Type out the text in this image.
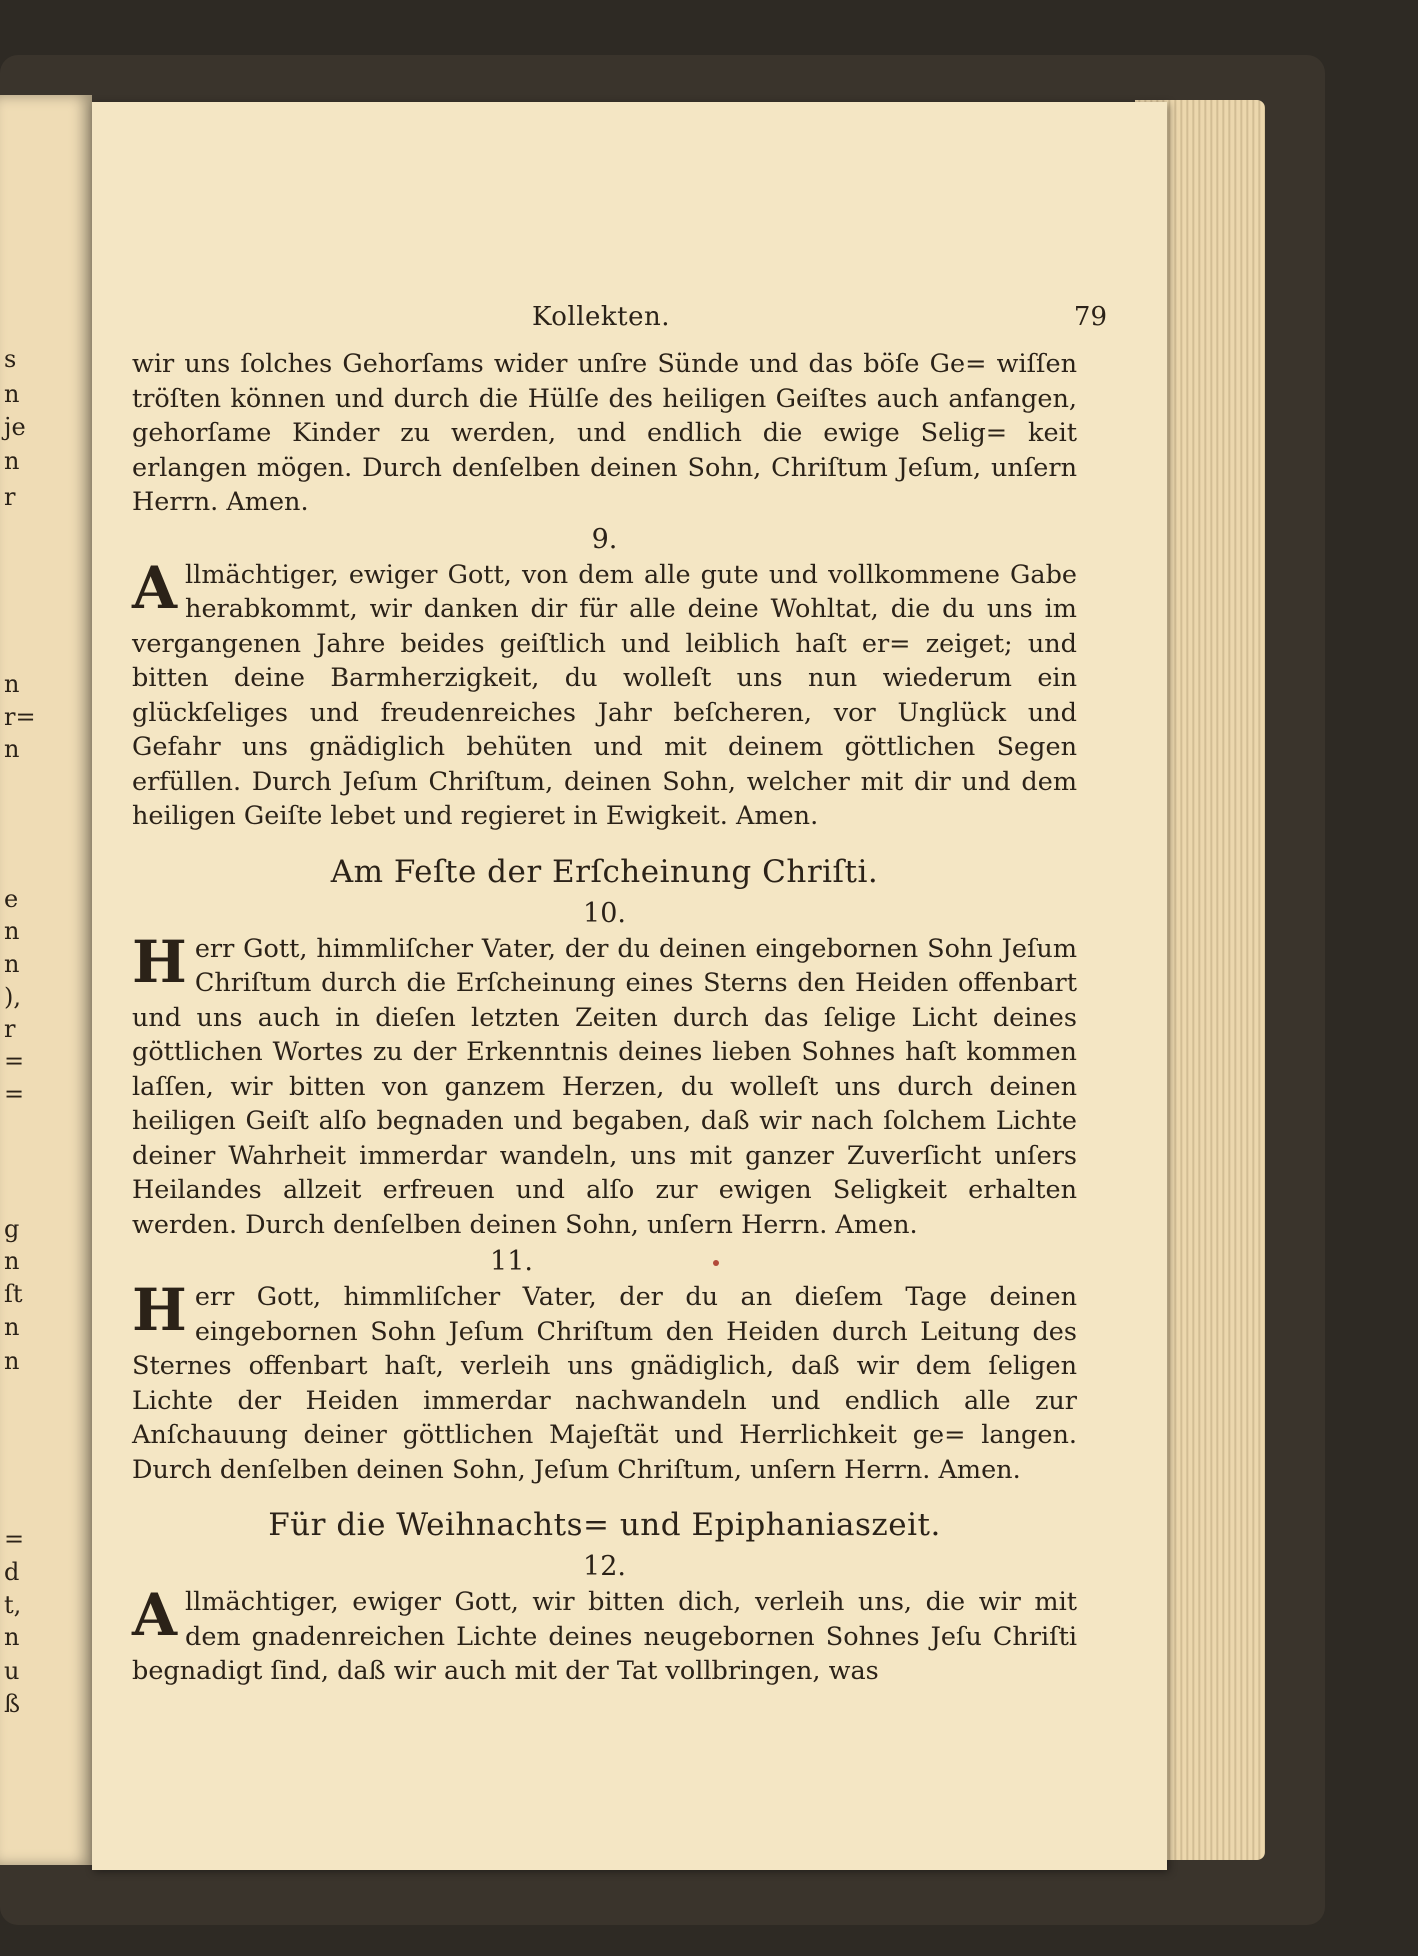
s
n
je
n
r
n
r=
n
e
n
n
),
r
=
=
g
n
ſt
n
n
=
d
t,
n
u
ß
Kollekten.	79

wir uns ſolches Gehorſams wider unſre Sünde und das böſe Ge= wiſſen tröſten können und durch die Hülſe des heiligen Geiſtes auch anfangen, gehorſame Kinder zu werden, und endlich die ewige Selig= keit erlangen mögen. Durch denſelben deinen Sohn, Chriſtum Jeſum, unſern Herrn. Amen.

9.

Allmächtiger, ewiger Gott, von dem alle gute und vollkommene Gabe herabkommt, wir danken dir für alle deine Wohltat, die du uns im vergangenen Jahre beides geiſtlich und leiblich haſt er= zeiget; und bitten deine Barmherzigkeit, du wolleſt uns nun wiederum ein glückſeliges und freudenreiches Jahr beſcheren, vor Unglück und Gefahr uns gnädiglich behüten und mit deinem göttlichen Segen erfüllen. Durch Jeſum Chriſtum, deinen Sohn, welcher mit dir und dem heiligen Geiſte lebet und regieret in Ewigkeit. Amen.

Am Feſte der Erſcheinung Chriſti.
10.

Herr Gott, himmliſcher Vater, der du deinen eingebornen Sohn Jeſum Chriſtum durch die Erſcheinung eines Sterns den Heiden offenbart und uns auch in dieſen letzten Zeiten durch das ſelige Licht deines göttlichen Wortes zu der Erkenntnis deines lieben Sohnes haſt kommen laſſen, wir bitten von ganzem Herzen, du wolleſt uns durch deinen heiligen Geiſt alſo begnaden und begaben, daß wir nach ſolchem Lichte deiner Wahrheit immerdar wandeln, uns mit ganzer Zuverſicht unſers Heilandes allzeit erfreuen und alſo zur ewigen Seligkeit erhalten werden. Durch denſelben deinen Sohn, unſern Herrn. Amen.

11.

Herr Gott, himmliſcher Vater, der du an dieſem Tage deinen eingebornen Sohn Jeſum Chriſtum den Heiden durch Leitung des Sternes offenbart haſt, verleih uns gnädiglich, daß wir dem ſeligen Lichte der Heiden immerdar nachwandeln und endlich alle zur Anſchauung deiner göttlichen Majeſtät und Herrlichkeit ge= langen. Durch denſelben deinen Sohn, Jeſum Chriſtum, unſern Herrn. Amen.

Für die Weihnachts= und Epiphaniaszeit.
12.

Allmächtiger, ewiger Gott, wir bitten dich, verleih uns, die wir mit dem gnadenreichen Lichte deines neugebornen Sohnes Jeſu Chriſti begnadigt ſind, daß wir auch mit der Tat vollbringen, was
